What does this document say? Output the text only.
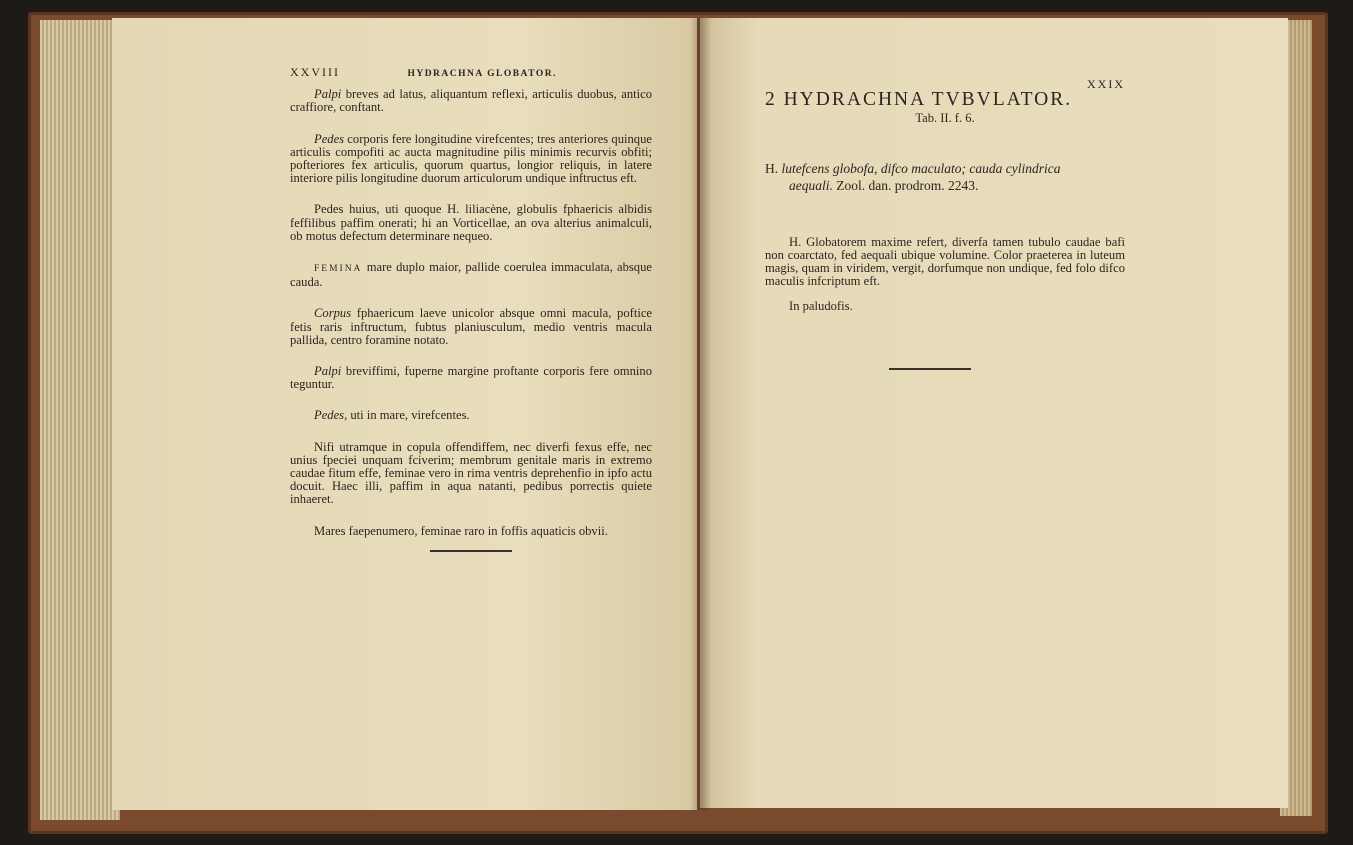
XXVIII	HYDRACHNA GLOBATOR.

Palpi breves ad latus, aliquantum reflexi, articulis duobus, antico craffiore, conftant.

Pedes corporis fere longitudine virefcentes; tres anteriores quinque articulis compofiti ac aucta magnitudine pilis minimis recurvis obfiti; pofteriores fex articulis, quorum quartus, longior reliquis, in latere interiore pilis longitudine duorum articulorum undique inftructus eft.

Pedes huius, uti quoque H. liliacène, globulis fphaericis albidis feffilibus paffim onerati; hi an Vorticellae, an ova alterius animalculi, ob motus defectum determinare nequeo.

FEMINA mare duplo maior, pallide coerulea immaculata, absque cauda.

Corpus fphaericum laeve unicolor absque omni macula, poftice fetis raris inftructum, fubtus planiusculum, medio ventris macula pallida, centro foramine notato.

Palpi breviffimi, fuperne margine proftante corporis fere omnino teguntur.

Pedes, uti in mare, virefcentes.

Nifi utramque in copula offendiffem, nec diverfi fexus effe, nec unius fpeciei unquam fciverim; membrum genitale maris in extremo caudae fitum effe, feminae vero in rima ventris deprehenfio in ipfo actu docuit. Haec illi, paffim in aqua natanti, pedibus porrectis quiete inhaeret.

Mares faepenumero, feminae raro in foffis aquaticis obvii.

XXIX
2 HYDRACHNA TVBVLATOR.
Tab. II. f. 6.
H. lutefcens globofa, difco maculato; cauda cylindrica
aequali. Zool. dan. prodrom. 2243.

H. Globatorem maxime refert, diverfa tamen tubulo caudae bafi non coarctato, fed aequali ubique volumine. Color praeterea in luteum magis, quam in viridem, vergit, dorfumque non undique, fed folo difco maculis infcriptum eft.

In paludofis.
